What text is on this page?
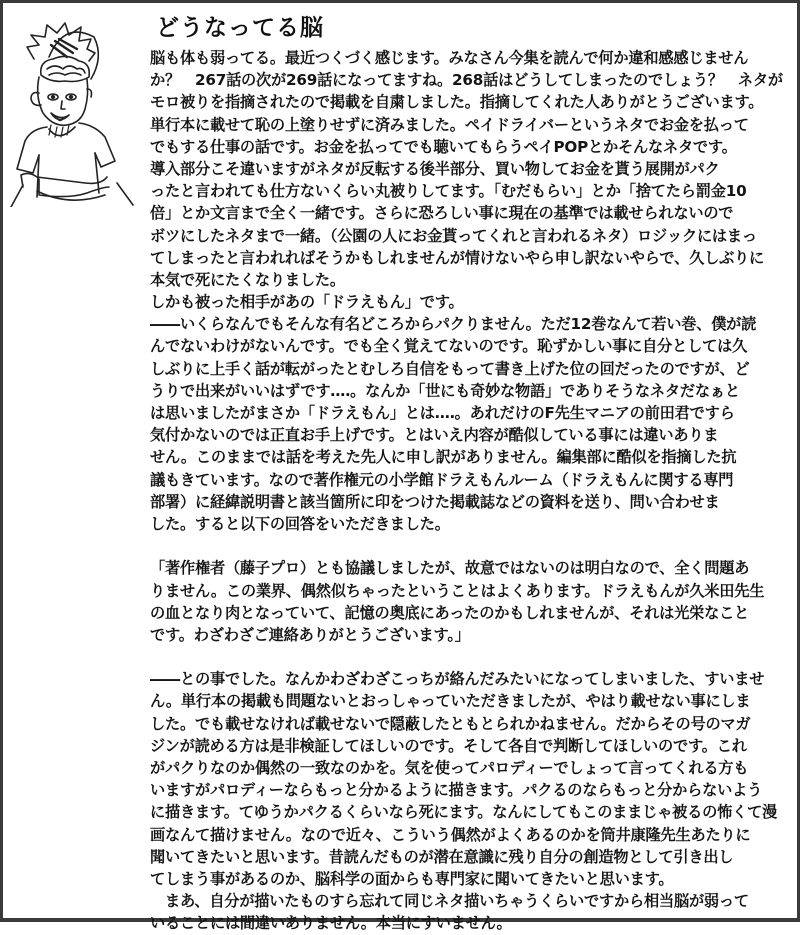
どうなってる脳
脳も体も弱ってる。最近つくづく感じます。みなさん今集を読んで何か違和感感じません
か？　267話の次が269話になってますね。268話はどうしてしまったのでしょう？　ネタが
モロ被りを指摘されたので掲載を自粛しました。指摘してくれた人ありがとうございます。
単行本に載せて恥の上塗りせずに済みました。ペイドライバーというネタでお金を払って
でもする仕事の話です。お金を払ってでも聴いてもらうペイPOPとかそんなネタです。
導入部分こそ違いますがネタが反転する後半部分、買い物してお金を貰う展開がパク
ったと言われても仕方ないくらい丸被りしてます。「むだもらい」とか「捨てたら罰金10
倍」とか文言まで全く一緒です。さらに恐ろしい事に現在の基準では載せられないので
ボツにしたネタまで一緒。（公園の人にお金貰ってくれと言われるネタ）ロジックにはまっ
てしまったと言われればそうかもしれませんが情けないやら申し訳ないやらで、久しぶりに
本気で死にたくなりました。
しかも被った相手があの「ドラえもん」です。
――いくらなんでもそんな有名どころからパクりません。ただ12巻なんて若い巻、僕が読
んでないわけがないんです。でも全く覚えてないのです。恥ずかしい事に自分としては久
しぶりに上手く話が転がったとむしろ自信をもって書き上げた位の回だったのですが、ど
うりで出来がいいはずです‥‥。なんか「世にも奇妙な物語」でありそうなネタだなぁと
は思いましたがまさか「ドラえもん」とは‥‥。あれだけのF先生マニアの前田君ですら
気付かないのでは正直お手上げです。とはいえ内容が酷似している事には違いありま
せん。このままでは話を考えた先人に申し訳がありません。編集部に酷似を指摘した抗
議もきています。なので著作権元の小学館ドラえもんルーム（ドラえもんに関する専門
部署）に経緯説明書と該当箇所に印をつけた掲載誌などの資料を送り、問い合わせま
した。すると以下の回答をいただきました。
「著作権者（藤子プロ）とも協議しましたが、故意ではないのは明白なので、全く問題あ
りません。この業界、偶然似ちゃったということはよくあります。ドラえもんが久米田先生
の血となり肉となっていて、記憶の奥底にあったのかもしれませんが、それは光栄なこと
です。わざわざご連絡ありがとうございます。」
――との事でした。なんかわざわざこっちが絡んだみたいになってしまいました、すいませ
ん。単行本の掲載も問題ないとおっしゃっていただきましたが、やはり載せない事にしま
した。でも載せなければ載せないで隠蔽したともとられかねません。だからその号のマガ
ジンが読める方は是非検証してほしいのです。そして各自で判断してほしいのです。これ
がパクりなのか偶然の一致なのかを。気を使ってパロディーでしょって言ってくれる方も
いますがパロディーならもっと分かるように描きます。パクるのならもっと分からないよう
に描きます。てゆうかパクるくらいなら死にます。なんにしてもこのままじゃ被るの怖くて漫
画なんて描けません。なので近々、こういう偶然がよくあるのかを筒井康隆先生あたりに
聞いてきたいと思います。昔読んだものが潜在意識に残り自分の創造物として引き出し
てしまう事があるのか、脳科学の面からも専門家に聞いてきたいと思います。
　まあ、自分が描いたものすら忘れて同じネタ描いちゃうくらいですから相当脳が弱って
いることには間違いありません。本当にすいません。
